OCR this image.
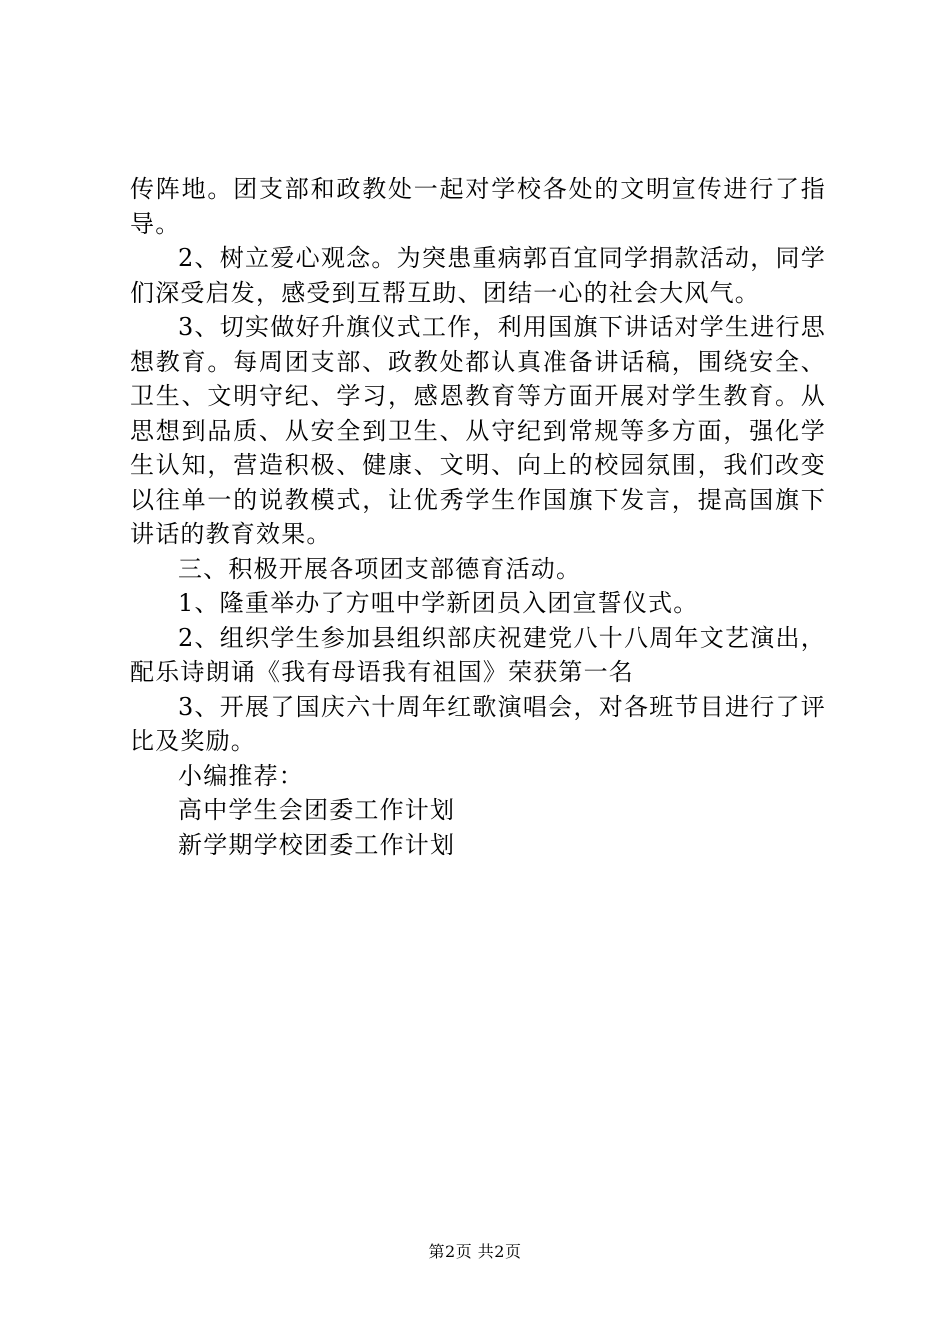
传阵地。团支部和政教处一起对学校各处的文明宣传进行了指导。

2、树立爱心观念。为突患重病郭百宜同学捐款活动，同学们深受启发，感受到互帮互助、团结一心的社会大风气。

3、切实做好升旗仪式工作，利用国旗下讲话对学生进行思想教育。每周团支部、政教处都认真准备讲话稿，围绕安全、卫生、文明守纪、学习，感恩教育等方面开展对学生教育。从思想到品质、从安全到卫生、从守纪到常规等多方面，强化学生认知，营造积极、健康、文明、向上的校园氛围，我们改变以往单一的说教模式，让优秀学生作国旗下发言，提高国旗下讲话的教育效果。

三、积极开展各项团支部德育活动。

1、隆重举办了方咀中学新团员入团宣誓仪式。

2、组织学生参加县组织部庆祝建党八十八周年文艺演出，配乐诗朗诵《我有母语我有祖国》荣获第一名

3、开展了国庆六十周年红歌演唱会，对各班节目进行了评比及奖励。

小编推荐：

高中学生会团委工作计划

新学期学校团委工作计划

第2页 共2页
